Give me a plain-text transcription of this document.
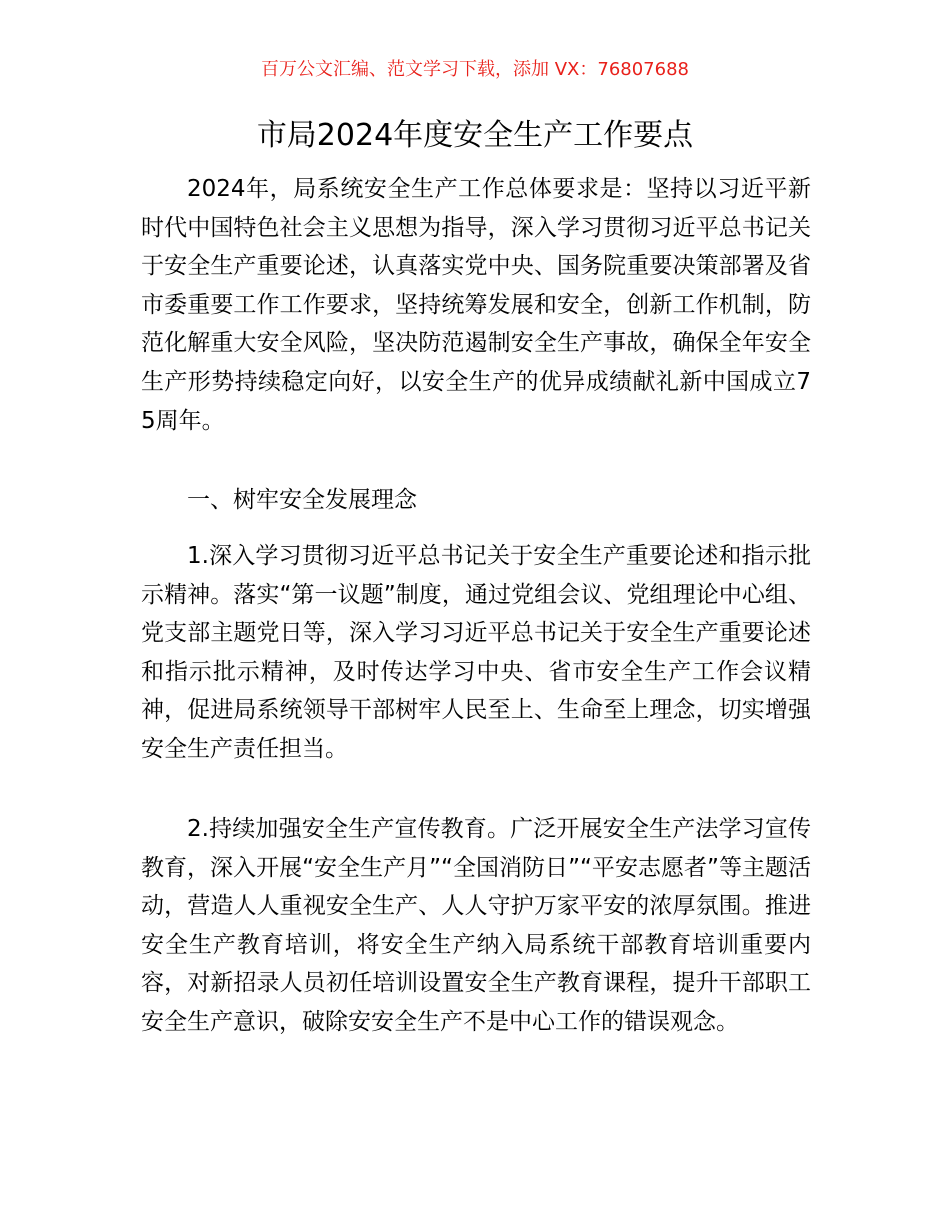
百万公文汇编、范文学习下载，添加 VX：76807688
市局2024年度安全生产工作要点

2024年，局系统安全生产工作总体要求是：坚持以习近平新时代中国特色社会主义思想为指导，深入学习贯彻习近平总书记关于安全生产重要论述，认真落实党中央、国务院重要决策部署及省市委重要工作工作要求，坚持统筹发展和安全，创新工作机制，防范化解重大安全风险，坚决防范遏制安全生产事故，确保全年安全生产形势持续稳定向好，以安全生产的优异成绩献礼新中国成立75周年。

一、树牢安全发展理念

1.深入学习贯彻习近平总书记关于安全生产重要论述和指示批示精神。落实“第一议题”制度，通过党组会议、党组理论中心组、党支部主题党日等，深入学习习近平总书记关于安全生产重要论述和指示批示精神，及时传达学习中央、省市安全生产工作会议精神，促进局系统领导干部树牢人民至上、生命至上理念，切实增强安全生产责任担当。

2.持续加强安全生产宣传教育。广泛开展安全生产法学习宣传教育，深入开展“安全生产月”“全国消防日”“平安志愿者”等主题活动，营造人人重视安全生产、人人守护万家平安的浓厚氛围。推进安全生产教育培训，将安全生产纳入局系统干部教育培训重要内容，对新招录人员初任培训设置安全生产教育课程，提升干部职工安全生产意识，破除安安全生产不是中心工作的错误观念。
